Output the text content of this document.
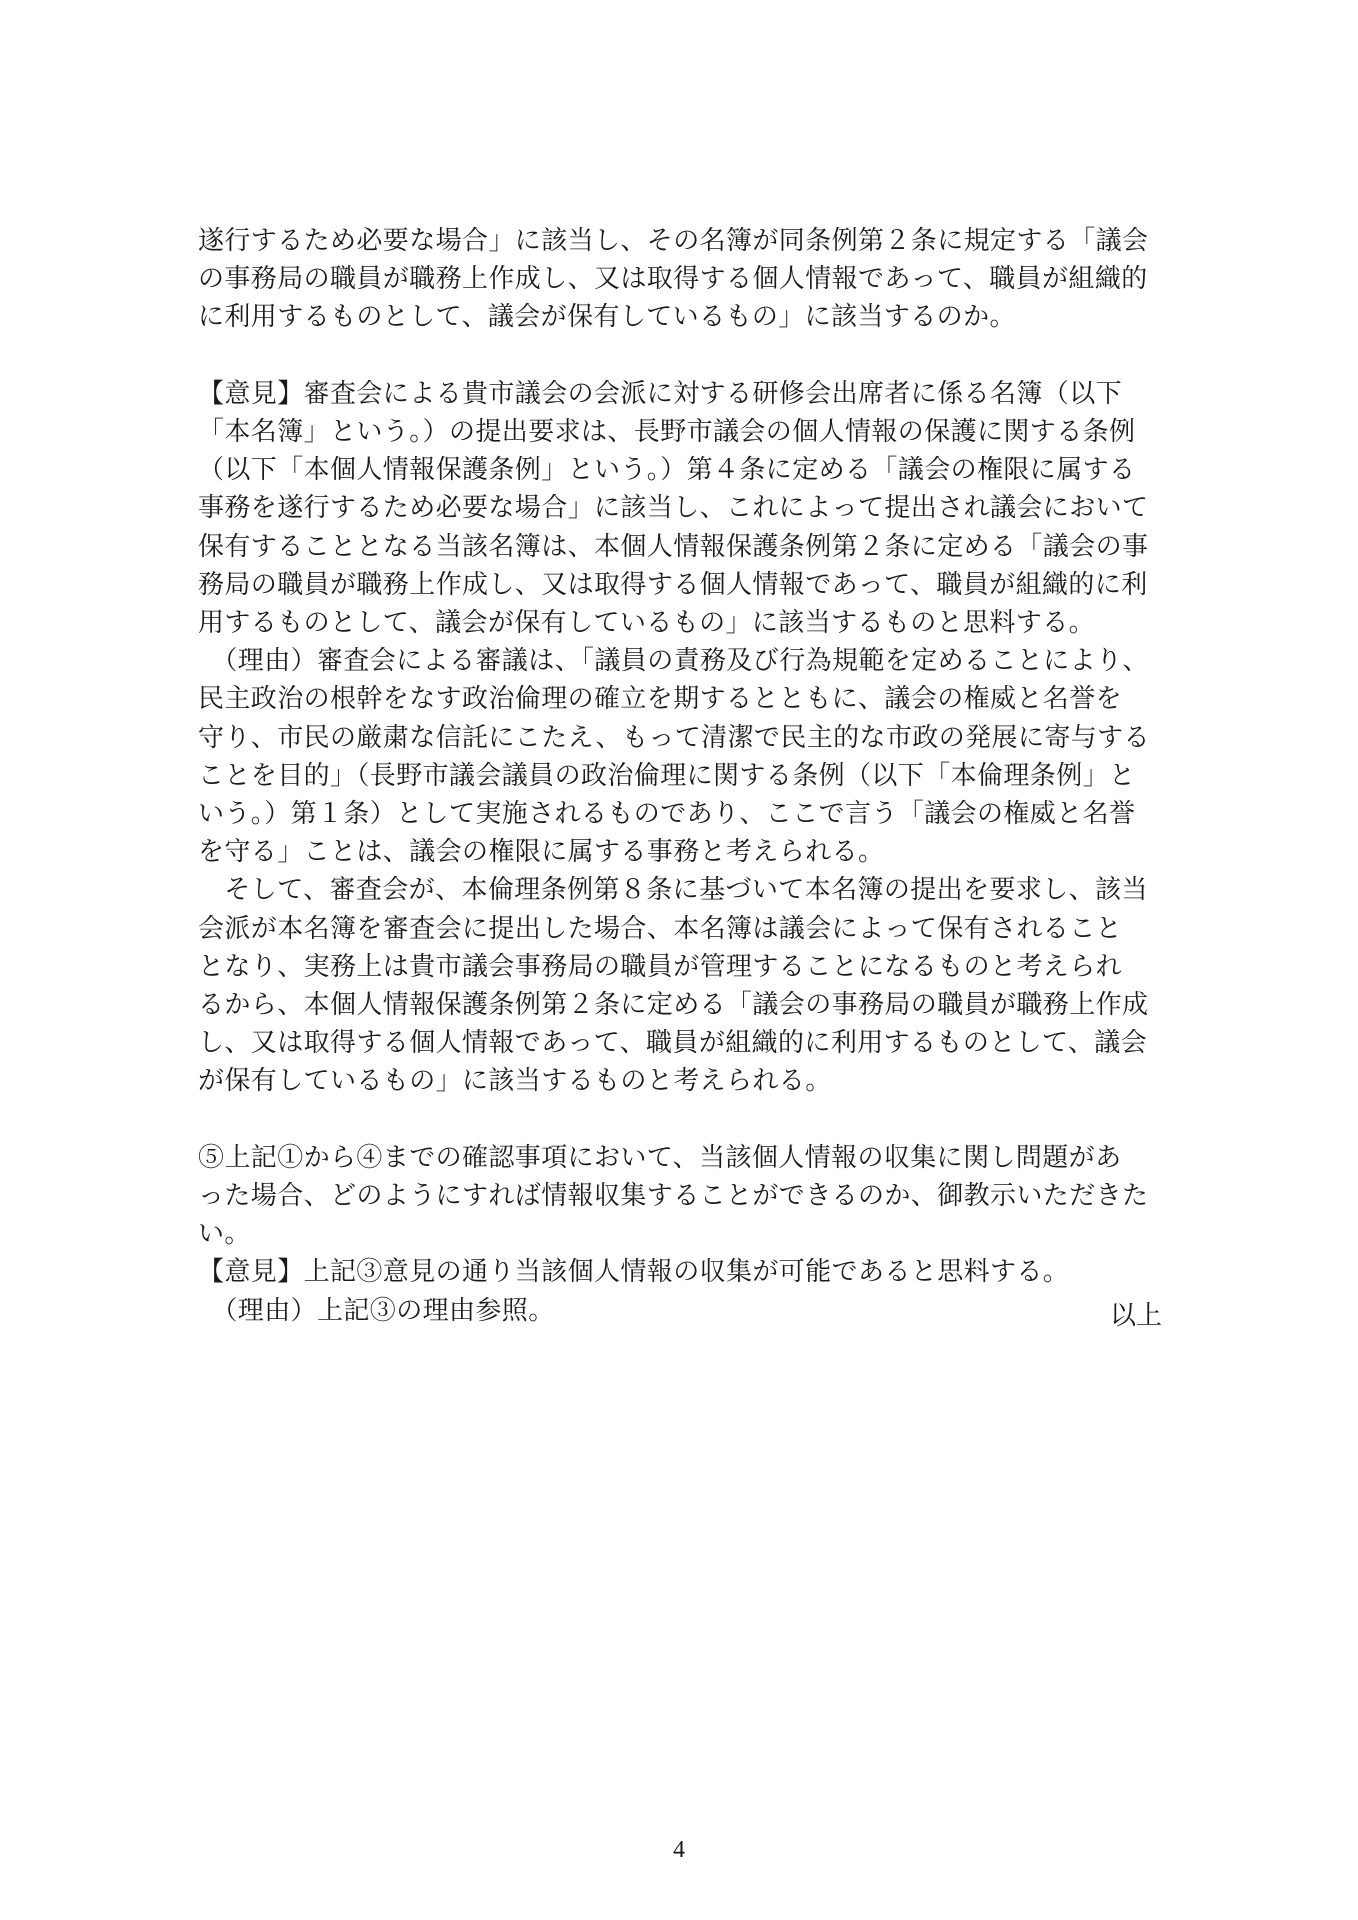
遂行するため必要な場合」に該当し、その名簿が同条例第２条に規定する「議会
の事務局の職員が職務上作成し、又は取得する個人情報であって、職員が組織的
に利用するものとして、議会が保有しているもの」に該当するのか。
【意見】審査会による貴市議会の会派に対する研修会出席者に係る名簿（以下
「本名簿」という。）の提出要求は、長野市議会の個人情報の保護に関する条例
（以下「本個人情報保護条例」という。）第４条に定める「議会の権限に属する
事務を遂行するため必要な場合」に該当し、これによって提出され議会において
保有することとなる当該名簿は、本個人情報保護条例第２条に定める「議会の事
務局の職員が職務上作成し、又は取得する個人情報であって、職員が組織的に利
用するものとして、議会が保有しているもの」に該当するものと思料する。
　（理由）審査会による審議は、「議員の責務及び行為規範を定めることにより、
民主政治の根幹をなす政治倫理の確立を期するとともに、議会の権威と名誉を
守り、市民の厳粛な信託にこたえ、もって清潔で民主的な市政の発展に寄与する
ことを目的」（長野市議会議員の政治倫理に関する条例（以下「本倫理条例」と
いう。）第１条）として実施されるものであり、ここで言う「議会の権威と名誉
を守る」ことは、議会の権限に属する事務と考えられる。
　そして、審査会が、本倫理条例第８条に基づいて本名簿の提出を要求し、該当
会派が本名簿を審査会に提出した場合、本名簿は議会によって保有されること
となり、実務上は貴市議会事務局の職員が管理することになるものと考えられ
るから、本個人情報保護条例第２条に定める「議会の事務局の職員が職務上作成
し、又は取得する個人情報であって、職員が組織的に利用するものとして、議会
が保有しているもの」に該当するものと考えられる。
⑤上記①から④までの確認事項において、当該個人情報の収集に関し問題があ
った場合、どのようにすれば情報収集することができるのか、御教示いただきた
い。
【意見】上記③意見の通り当該個人情報の収集が可能であると思料する。
　（理由）上記③の理由参照。	以上
4
